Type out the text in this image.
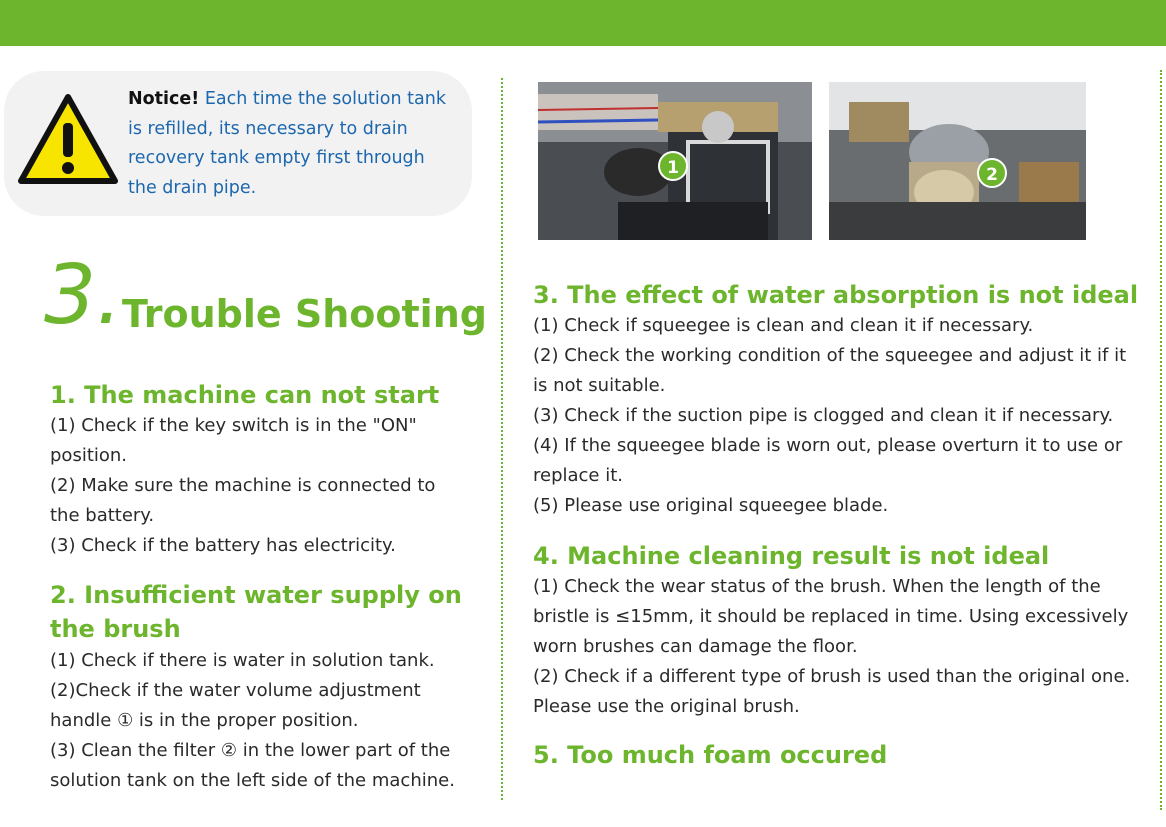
Notice! Each time the solution tank is refilled, its necessary to drain recovery tank empty first through the drain pipe.
3. Trouble Shooting
1. The machine can not start
(1) Check if the key switch is in the "ON" position.
(2) Make sure the machine is connected to the battery.
(3) Check if the battery has electricity.
2. Insufficient water supply on the brush
(1) Check if there is water in solution tank.
(2)Check if the water volume adjustment handle ① is in the proper position.
(3) Clean the filter ② in the lower part of the solution tank on the left side of the machine.
1	2
3. The effect of water absorption is not ideal
(1) Check if squeegee is clean and clean it if necessary.
(2) Check the working condition of the squeegee and adjust it if it is not suitable.
(3) Check if the suction pipe is clogged and clean it if necessary.
(4) If the squeegee blade is worn out, please overturn it to use or replace it.
(5) Please use original squeegee blade.
4. Machine cleaning result is not ideal
(1) Check the wear status of the brush. When the length of the bristle is ≤15mm, it should be replaced in time. Using excessively worn brushes can damage the floor.
(2) Check if a different type of brush is used than the original one. Please use the original brush.
5. Too much foam occured
